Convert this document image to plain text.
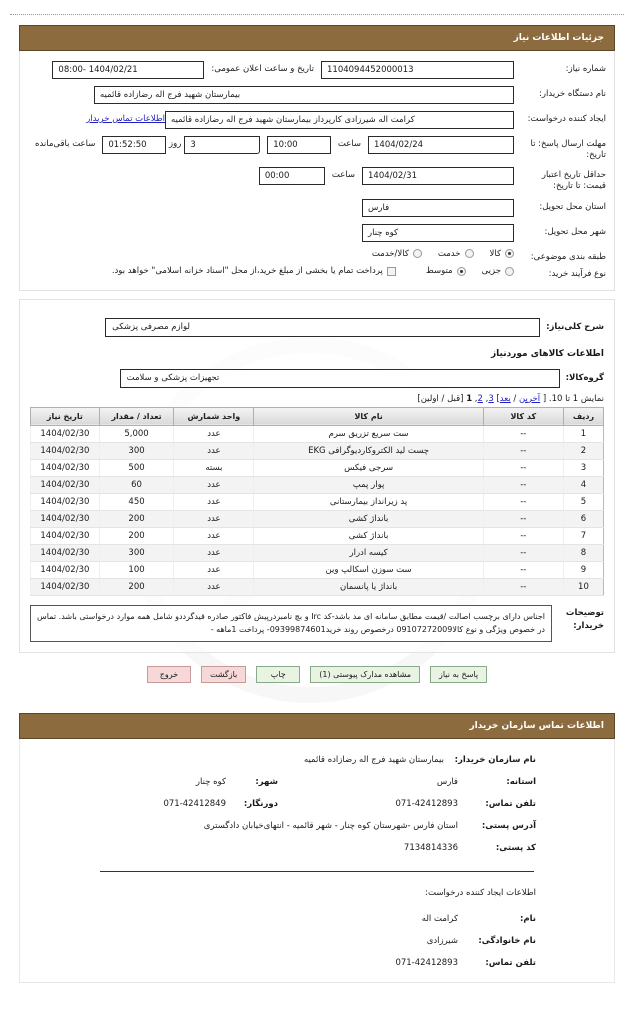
جزئیات اطلاعات نیاز
شماره نیاز:
1104094452000013
تاریخ و ساعت اعلان عمومی:
1404/02/21 -08:00
نام دستگاه خریدار:
بیمارستان شهید فرج اله رضازاده قائمیه
ایجاد کننده درخواست:
کرامت اله شیرزادی کارپرداز بیمارستان شهید فرج اله رضازاده قائمیه
اطلاعات تماس خریدار
مهلت ارسال پاسخ: تا تاریخ:
1404/02/24
ساعت
10:00
3
روز
01:52:50
ساعت باقی‌مانده
حداقل تاریخ اعتبار قیمت: تا تاریخ:
1404/02/31
ساعت
00:00
استان محل تحویل:
فارس
شهر محل تحویل:
کوه چنار
طبقه بندی موضوعی:
کالا
خدمت
کالا/خدمت
نوع فرآیند خرید:
جزیی
متوسط
پرداخت تمام یا بخشی از مبلغ خرید،از محل "اسناد خزانه اسلامی" خواهد بود.
شرح کلی‌نیاز:
لوازم مصرفی پزشکی
اطلاعات کالاهای موردنیاز
گروه‌کالا:
تجهیزات پزشکی و سلامت
نمایش 1 تا 10. [ آخرین / بعد] 3, 2, 1 [قبل / اولین]
ردیف	کد کالا	نام کالا	واحد شمارش	تعداد / مقدار	تاریخ نیاز
1	--	ست سریع تزریق سرم	عدد	5,000	1404/02/30
2	--	چست لید الکتروکاردیوگرافی EKG	عدد	300	1404/02/30
3	--	سرجی فیکس	بسته	500	1404/02/30
4	--	پوار پمپ	عدد	60	1404/02/30
5	--	پد زیرانداز بیمارستانی	عدد	450	1404/02/30
6	--	بانداژ کشی	عدد	200	1404/02/30
7	--	بانداژ کشی	عدد	200	1404/02/30
8	--	کیسه ادرار	عدد	300	1404/02/30
9	--	ست سوزن اسکالپ وین	عدد	100	1404/02/30
10	--	بانداژ یا پانسمان	عدد	200	1404/02/30
توضیحات
خریدار:
اجناس دارای برچسب اصالت /قیمت مطابق سامانه ای مد باشد-کد Irc و بچ نامبردرپیش فاکتور صادره قیدگرددو شامل همه موارد درخواستی باشد. تماس در خصوص ویژگی و نوع کالا09107272009 درخصوص روند خرید09399874601- پرداخت 1ماهه -
پاسخ به نیاز
مشاهده مدارک پیوستی (1)
چاپ
بازگشت
خروج
اطلاعات تماس سازمان خریدار
نام سازمان خریدار:
بیمارستان شهید فرج اله رضازاده قائمیه
استانه:
فارس
شهر:
کوه چنار
تلفن تماس:
071-42412893
دورنگار:
071-42412849
آدرس پستی:
استان فارس -شهرستان کوه چنار - شهر قائمیه - انتهای‌خیابان دادگستری
کد پستی:
7134814336
اطلاعات ایجاد کننده درخواست:
نام:
کرامت اله
نام خانوادگی:
شیرزادی
تلفن تماس:
071-42412893
